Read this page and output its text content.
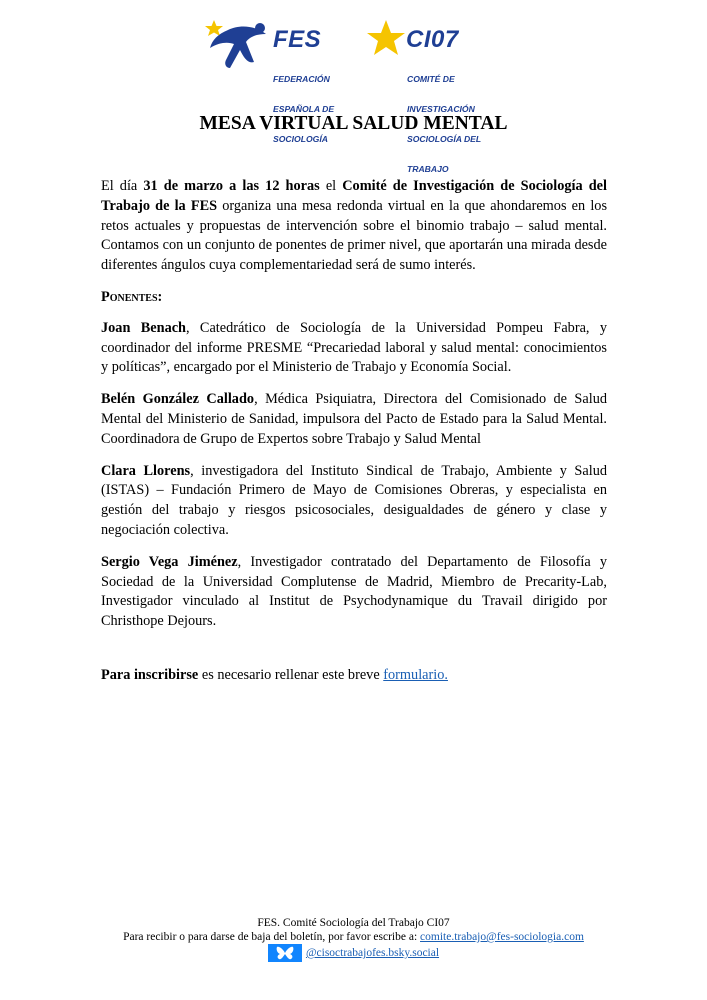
FES

FEDERACIÓN

ESPAÑOLA DE

SOCIOLOGÍA

CI07

COMITÉ DE

INVESTIGACIÓN

SOCIOLOGÍA DEL

TRABAJO

MESA VIRTUAL SALUD MENTAL

El día 31 de marzo a las 12 horas el Comité de Investigación de Sociología del Trabajo de la FES organiza una mesa redonda virtual en la que ahondaremos en los retos actuales y propuestas de intervención sobre el binomio trabajo – salud mental. Contamos con un conjunto de ponentes de primer nivel, que aportarán una mirada desde diferentes ángulos cuya complementariedad será de sumo interés.

Ponentes:

Joan Benach, Catedrático de Sociología de la Universidad Pompeu Fabra, y coordinador del informe PRESME “Precariedad laboral y salud mental: conocimientos y políticas”, encargado por el Ministerio de Trabajo y Economía Social.

Belén González Callado, Médica Psiquiatra, Directora del Comisionado de Salud Mental del Ministerio de Sanidad, impulsora del Pacto de Estado para la Salud Mental. Coordinadora de Grupo de Expertos sobre Trabajo y Salud Mental

Clara Llorens, investigadora del Instituto Sindical de Trabajo, Ambiente y Salud (ISTAS) – Fundación Primero de Mayo de Comisiones Obreras, y especialista en gestión del trabajo y riesgos psicosociales, desigualdades de género y clase y negociación colectiva.

Sergio Vega Jiménez, Investigador contratado del Departamento de Filosofía y Sociedad de la Universidad Complutense de Madrid, Miembro de Precarity-Lab, Investigador vinculado al Institut de Psychodynamique du Travail dirigido por Christhope Dejours.

Para inscribirse es necesario rellenar este breve formulario.

FES. Comité Sociología del Trabajo CI07
Para recibir o para darse de baja del boletín, por favor escribe a: comite.trabajo@fes-sociologia.com
@cisoctrabajofes.bsky.social
